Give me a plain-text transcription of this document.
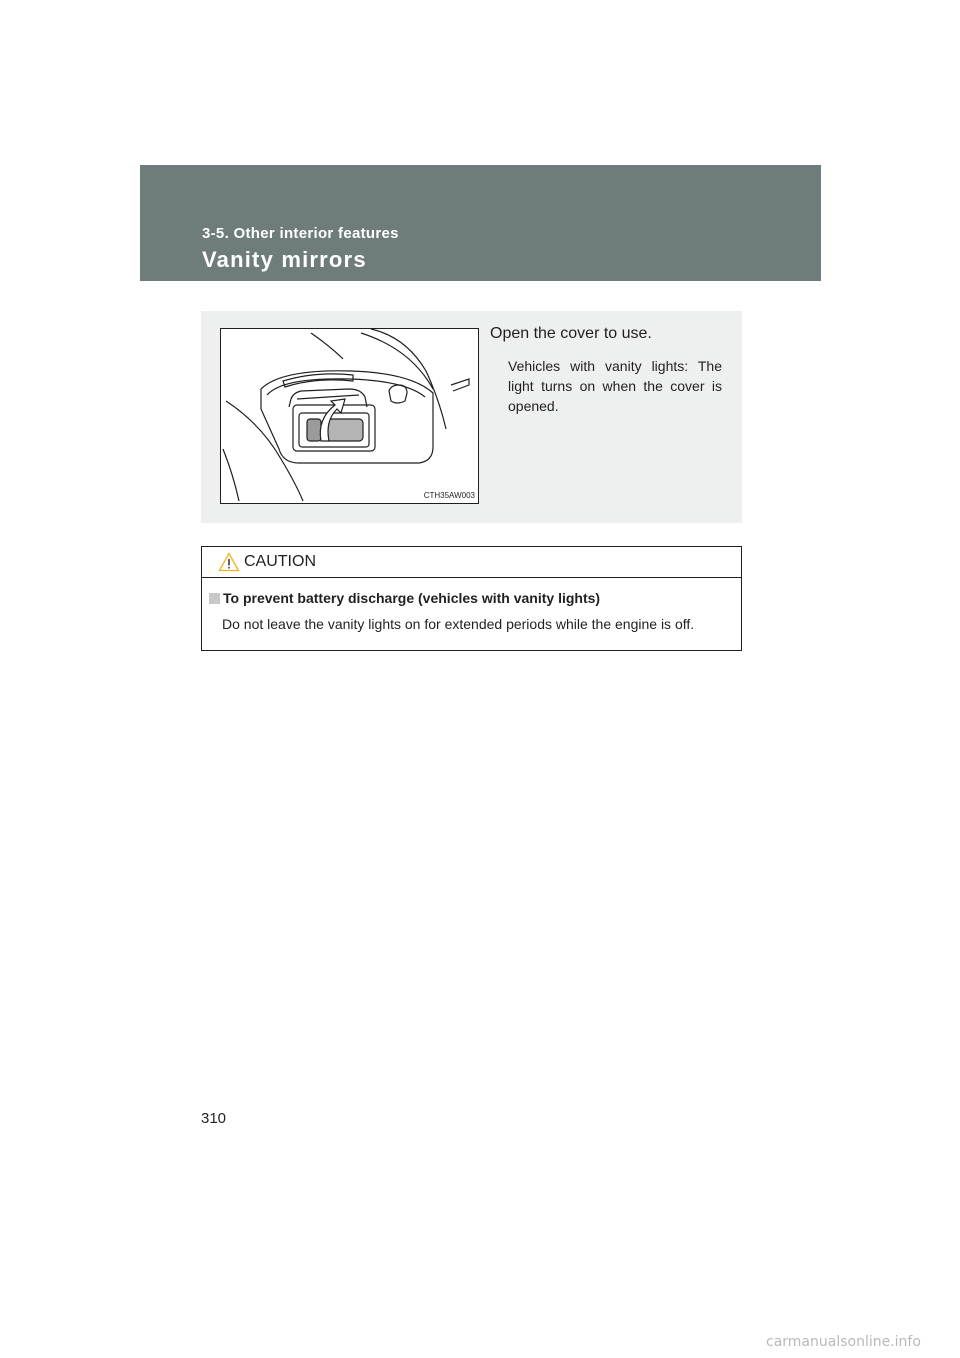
3-5. Other interior features
Vanity mirrors
CTH35AW003
Open the cover to use.
Vehicles with vanity lights: The light turns on when the cover is opened.
CAUTION
To prevent battery discharge (vehicles with vanity lights)
Do not leave the vanity lights on for extended periods while the engine is off.
310
carmanualsonline.info
